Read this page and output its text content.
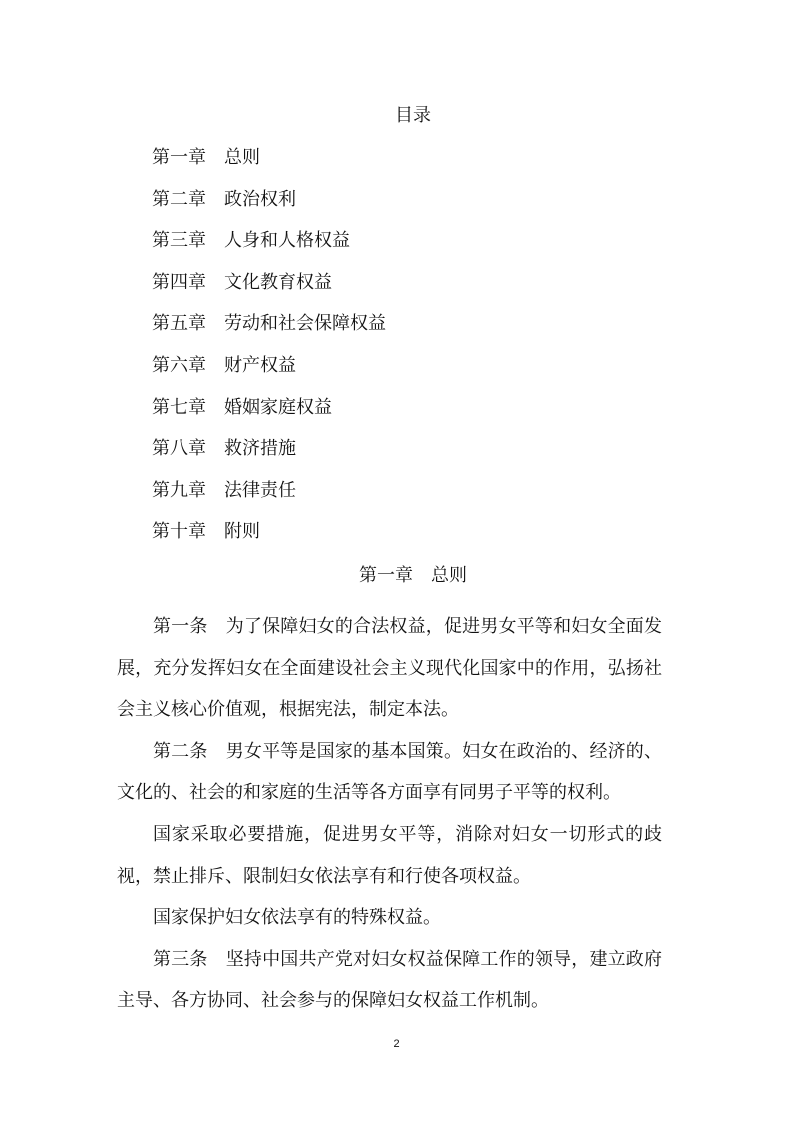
目录
第一章 总则
第二章 政治权利
第三章 人身和人格权益
第四章 文化教育权益
第五章 劳动和社会保障权益
第六章 财产权益
第七章 婚姻家庭权益
第八章 救济措施
第九章 法律责任
第十章 附则
第一章　总则

第一条　为了保障妇女的合法权益，促进男女平等和妇女全面发展，充分发挥妇女在全面建设社会主义现代化国家中的作用，弘扬社会主义核心价值观，根据宪法，制定本法。

第二条　男女平等是国家的基本国策。妇女在政治的、经济的、文化的、社会的和家庭的生活等各方面享有同男子平等的权利。

国家采取必要措施，促进男女平等，消除对妇女一切形式的歧视，禁止排斥、限制妇女依法享有和行使各项权益。

国家保护妇女依法享有的特殊权益。

第三条　坚持中国共产党对妇女权益保障工作的领导，建立政府主导、各方协同、社会参与的保障妇女权益工作机制。

2
